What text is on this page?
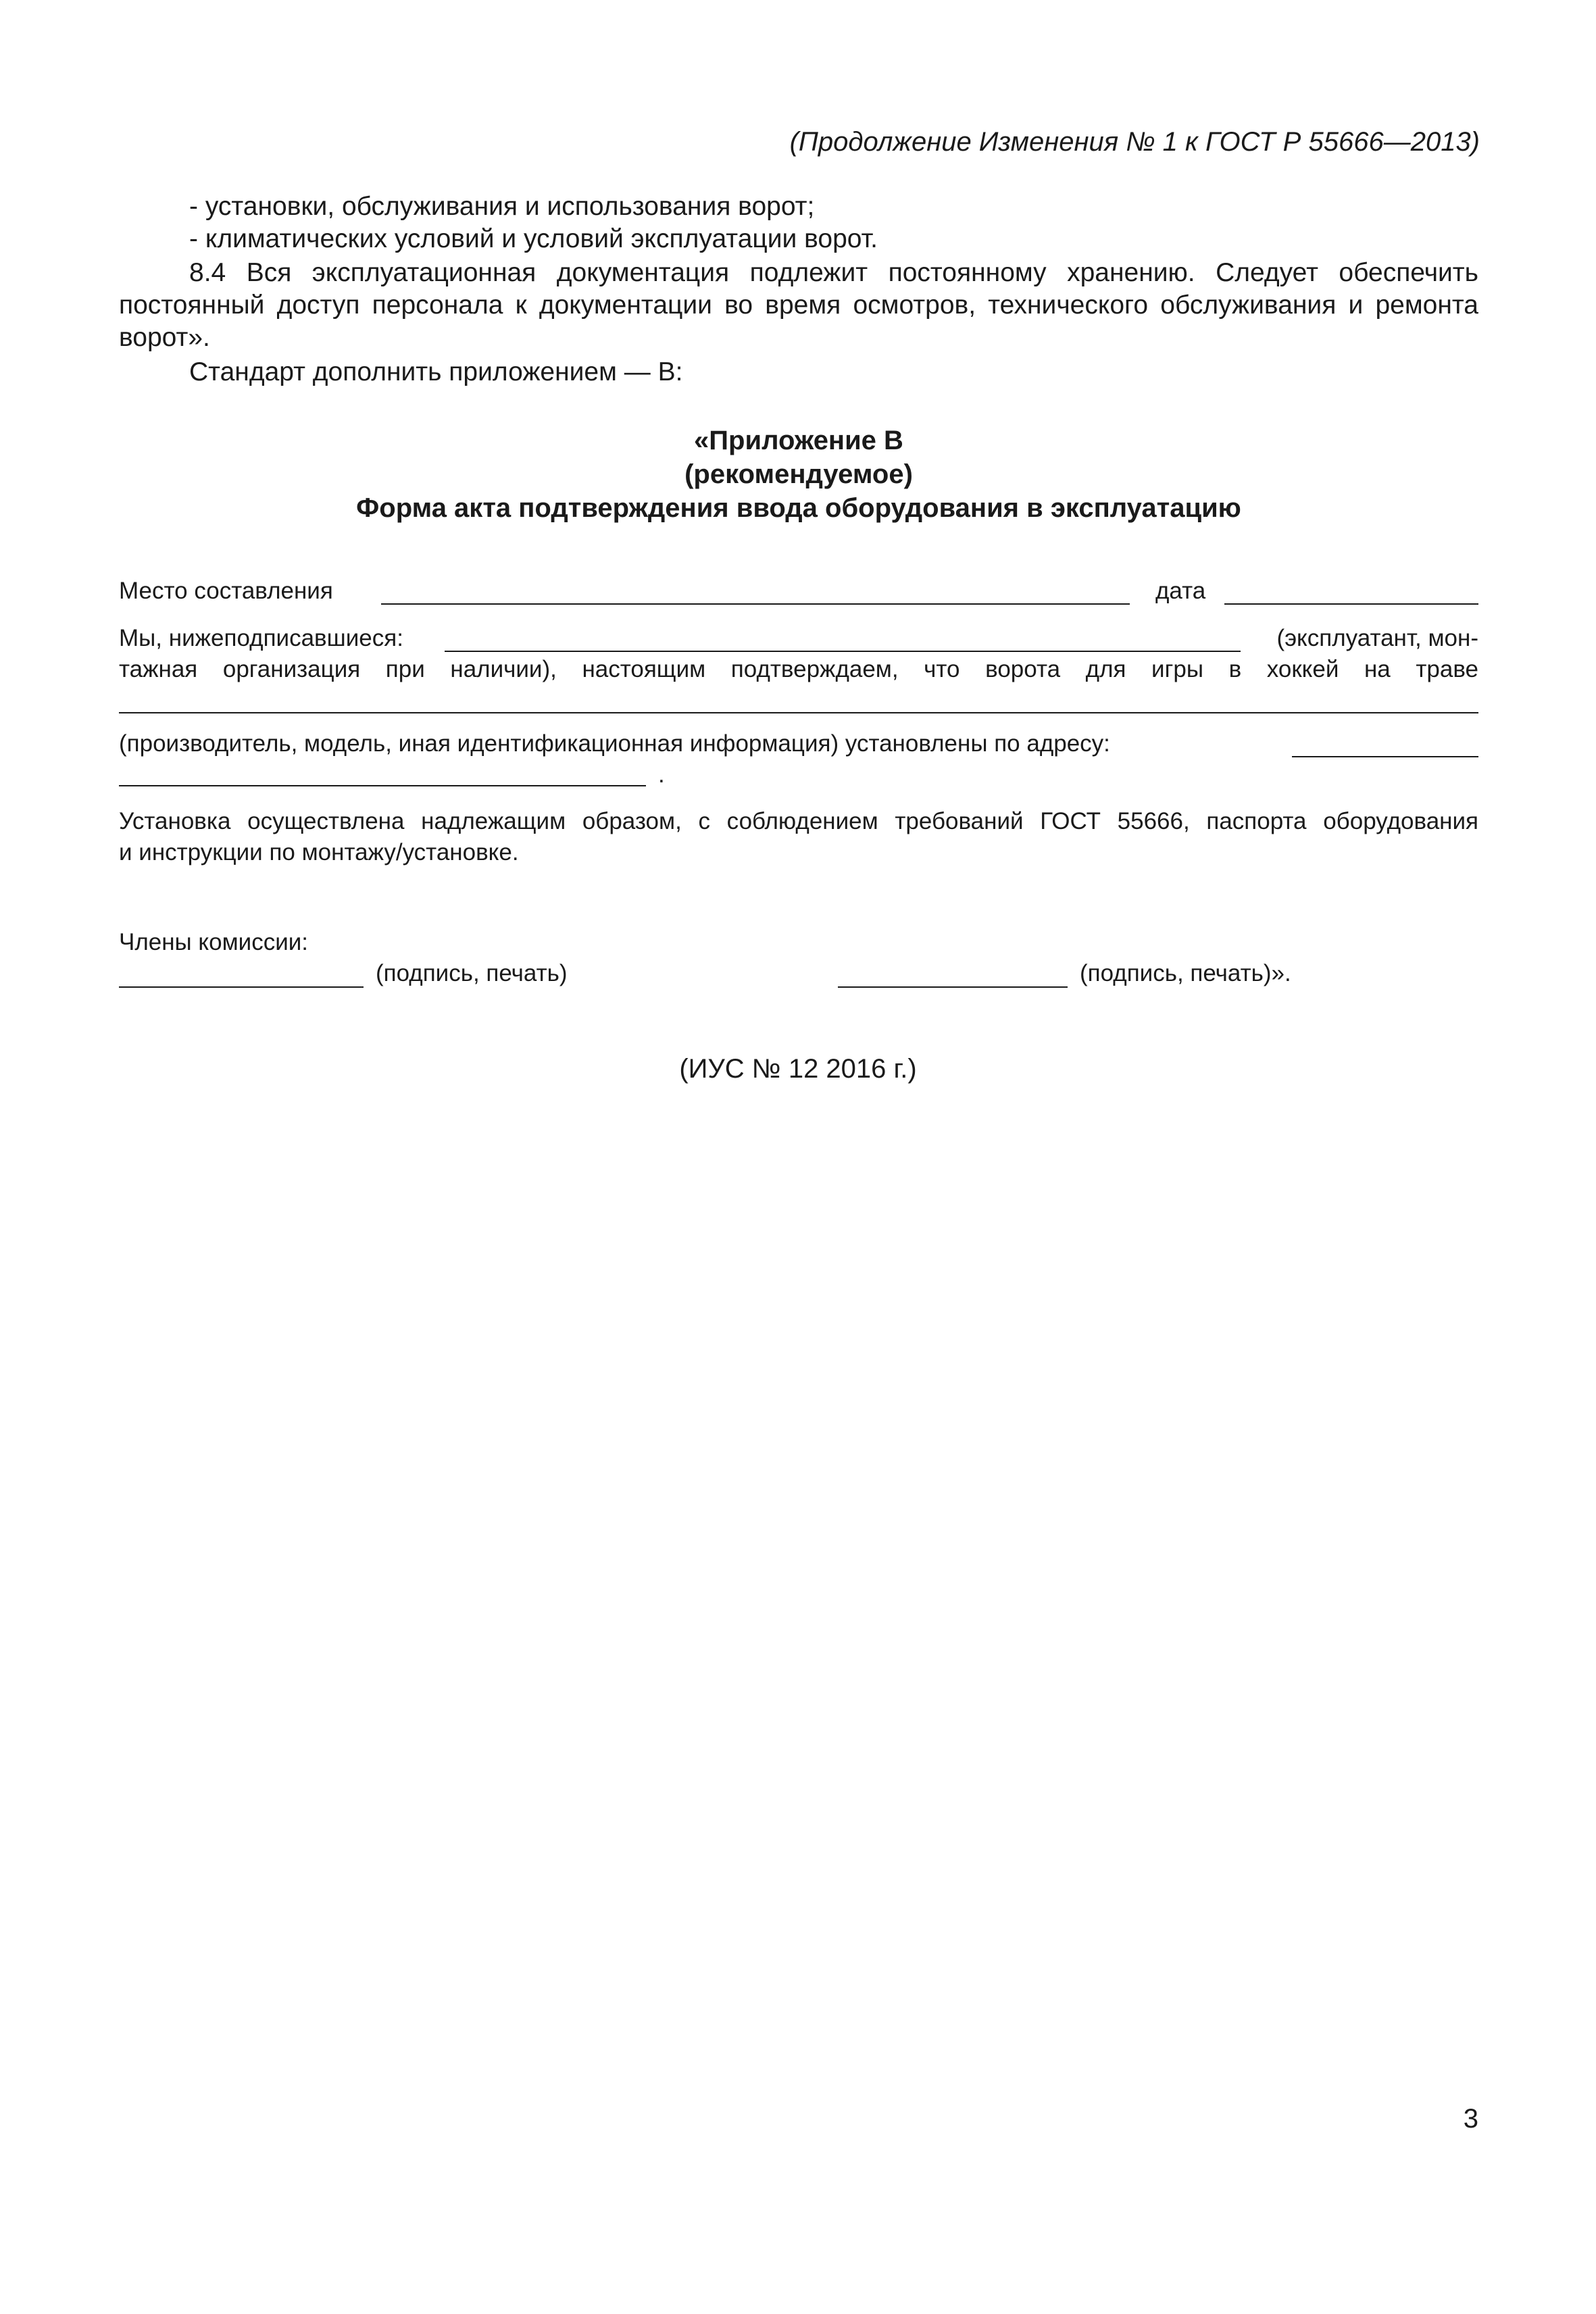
(Продолжение Изменения № 1 к ГОСТ Р 55666—2013)
- установки, обслуживания и использования ворот;
- климатических условий и условий эксплуатации ворот.
8.4 Вся эксплуатационная документация подлежит постоянному хранению. Следует обеспечить
постоянный доступ персонала к документации во время осмотров, технического обслуживания и ремонта
ворот».
Стандарт дополнить приложением — В:
«Приложение В
(рекомендуемое)
Форма акта подтверждения ввода оборудования в эксплуатацию
Место составления	дата
Мы, нижеподписавшиеся:	(эксплуатант, мон-
тажная организация при наличии), настоящим подтверждаем, что ворота для игры в хоккей на траве
(производитель, модель, иная идентификационная информация) установлены по адресу:
.
Установка осуществлена надлежащим образом, с соблюдением требований ГОСТ 55666, паспорта оборудования
и инструкции по монтажу/установке.
Члены комиссии:
(подпись, печать)	(подпись, печать)».
(ИУС № 12 2016 г.)
3
